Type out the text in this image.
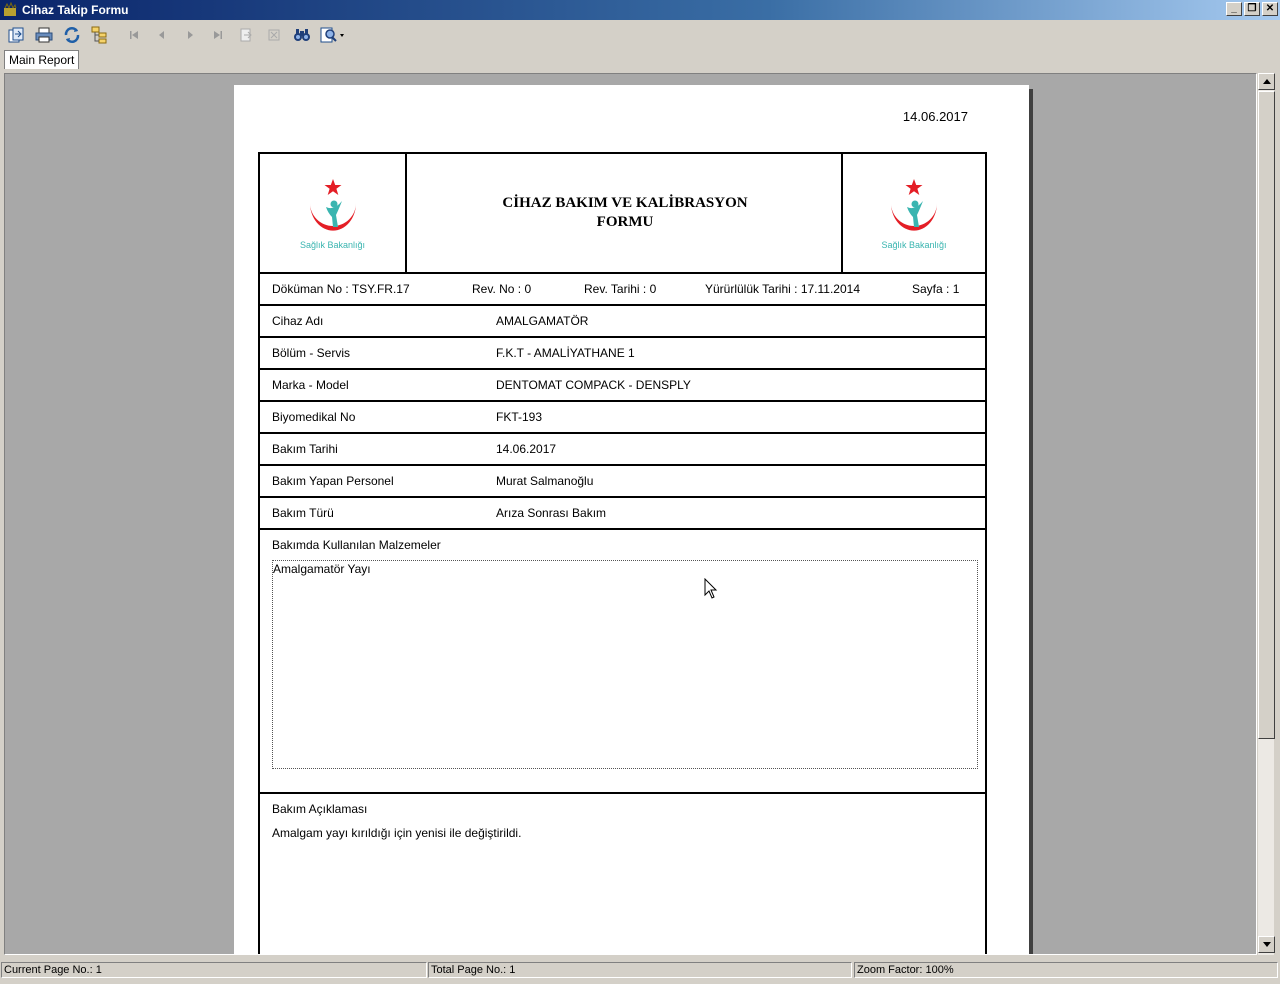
Cihaz Takip Formu	_	❐ ✕
Main Report
14.06.2017
Sağlık Bakanlığı
CİHAZ BAKIM VE KALİBRASYON
FORMU
Sağlık Bakanlığı
Döküman No : TSY.FR.17	Rev. No : 0	Rev. Tarihi : 0	Yürürlülük Tarihi : 17.11.2014	Sayfa : 1
Cihaz Adı	AMALGAMATÖR
Bölüm - Servis	F.K.T - AMALİYATHANE 1
Marka - Model	DENTOMAT COMPACK - DENSPLY
Biyomedikal No	FKT-193
Bakım Tarihi	14.06.2017
Bakım Yapan Personel	Murat Salmanoğlu
Bakım Türü	Arıza Sonrası Bakım
Bakımda Kullanılan Malzemeler
Amalgamatör Yayı
Bakım Açıklaması
Amalgam yayı kırıldığı için yenisi ile değiştirildi.
Current Page No.: 1	Total Page No.: 1	Zoom Factor: 100%
